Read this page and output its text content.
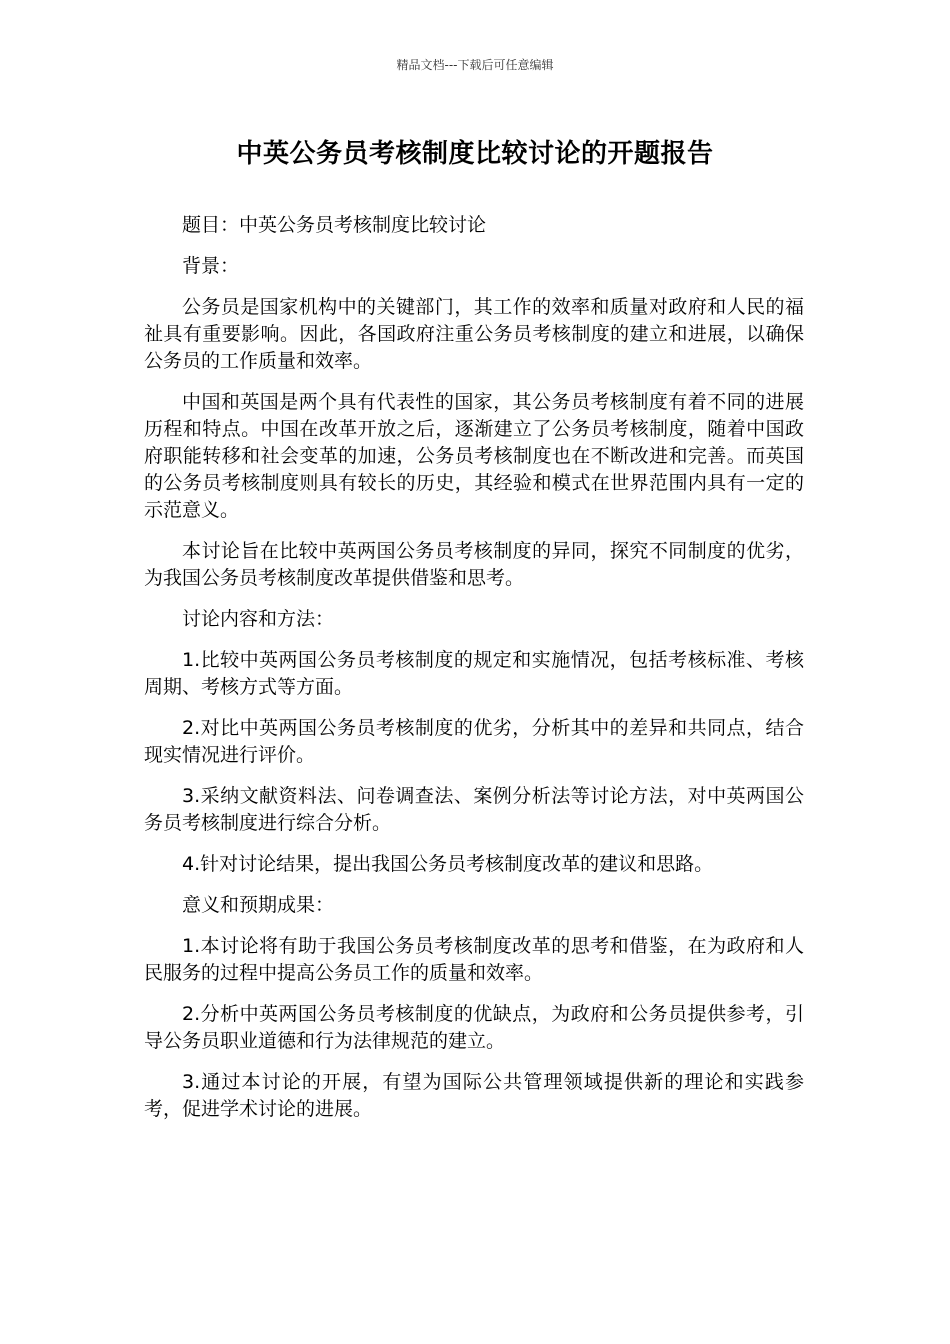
精品文档---下载后可任意编辑
中英公务员考核制度比较讨论的开题报告

题目：中英公务员考核制度比较讨论

背景：

公务员是国家机构中的关键部门，其工作的效率和质量对政府和人民的福祉具有重要影响。因此，各国政府注重公务员考核制度的建立和进展，以确保公务员的工作质量和效率。

中国和英国是两个具有代表性的国家，其公务员考核制度有着不同的进展历程和特点。中国在改革开放之后，逐渐建立了公务员考核制度，随着中国政府职能转移和社会变革的加速，公务员考核制度也在不断改进和完善。而英国的公务员考核制度则具有较长的历史，其经验和模式在世界范围内具有一定的示范意义。

本讨论旨在比较中英两国公务员考核制度的异同，探究不同制度的优劣，为我国公务员考核制度改革提供借鉴和思考。

讨论内容和方法：

1.比较中英两国公务员考核制度的规定和实施情况，包括考核标准、考核周期、考核方式等方面。

2.对比中英两国公务员考核制度的优劣，分析其中的差异和共同点，结合现实情况进行评价。

3.采纳文献资料法、问卷调查法、案例分析法等讨论方法，对中英两国公务员考核制度进行综合分析。

4.针对讨论结果，提出我国公务员考核制度改革的建议和思路。

意义和预期成果：

1.本讨论将有助于我国公务员考核制度改革的思考和借鉴，在为政府和人民服务的过程中提高公务员工作的质量和效率。

2.分析中英两国公务员考核制度的优缺点，为政府和公务员提供参考，引导公务员职业道德和行为法律规范的建立。

3.通过本讨论的开展，有望为国际公共管理领域提供新的理论和实践参考，促进学术讨论的进展。
